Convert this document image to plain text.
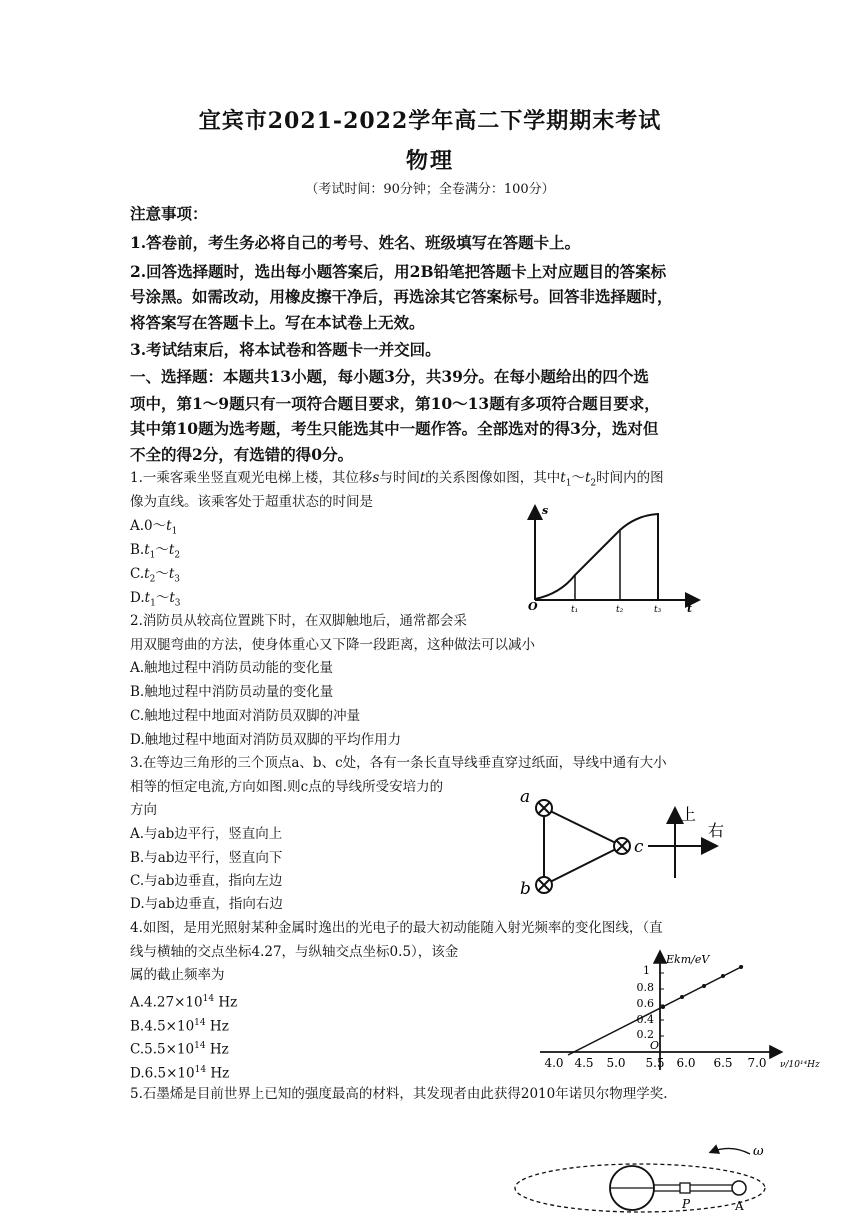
宜宾市2021-2022学年高二下学期期末考试
物理
（考试时间：90分钟；全卷满分：100分）
注意事项：
1.答卷前，考生务必将自己的考号、姓名、班级填写在答题卡上。
2.回答选择题时，选出每小题答案后，用2B铅笔把答题卡上对应题目的答案标
号涂黑。如需改动，用橡皮擦干净后，再选涂其它答案标号。回答非选择题时，
将答案写在答题卡上。写在本试卷上无效。
3.考试结束后，将本试卷和答题卡一并交回。
一、选择题：本题共13小题，每小题3分，共39分。在每小题给出的四个选
项中，第1～9题只有一项符合题目要求，第10～13题有多项符合题目要求，
其中第10题为选考题，考生只能选其中一题作答。全部选对的得3分，选对但
不全的得2分，有选错的得0分。
1.一乘客乘坐竖直观光电梯上楼，其位移s与时间t的关系图像如图，其中$t_1\sim t_2$时间内的图
像为直线。该乘客处于超重状态的时间是
$A.0\sim t_1$
$B.t_1\sim t_2$
$C.t_2\sim t_3$
$D.t_1\sim t_3$	O
s
t
t₁	t₂	t₃
2.消防员从较高位置跳下时，在双脚触地后，通常都会采
用双腿弯曲的方法，使身体重心又下降一段距离，这种做法可以减小
A.触地过程中消防员动能的变化量
B.触地过程中消防员动量的变化量
C.触地过程中地面对消防员双脚的冲量
D.触地过程中地面对消防员双脚的平均作用力
3.在等边三角形的三个顶点a、b、c处，各有一条长直导线垂直穿过纸面，导线中通有大小
相等的恒定电流,方向如图.则c点的导线所受安培力的
方向
A.与ab边平行，竖直向上
B.与ab边平行，竖直向下
C.与ab边垂直，指向左边
D.与ab边垂直，指向右边
a
b
c
上
右
4.如图，是用光照射某种金属时逸出的光电子的最大初动能随入射光频率的变化图线，（直
线与横轴的交点坐标4.27，与纵轴交点坐标0.5），该金
属的截止频率为
$A.4.27\times 10^{14}$ Hz
$B.4.5\times 10^{14}$ Hz
$C.5.5\times 10^{14}$ Hz
$D.6.5\times 10^{14}$ Hz
1
0.8
0.6
0.4
0.2
O
Ekm/eV
4.0 4.5 5.0 5.5 6.0 6.5 7.0 ν/10¹⁴Hz
5.石墨烯是目前世界上已知的强度最高的材料，其发现者由此获得2010年诺贝尔物理学奖.
ω
P	A
